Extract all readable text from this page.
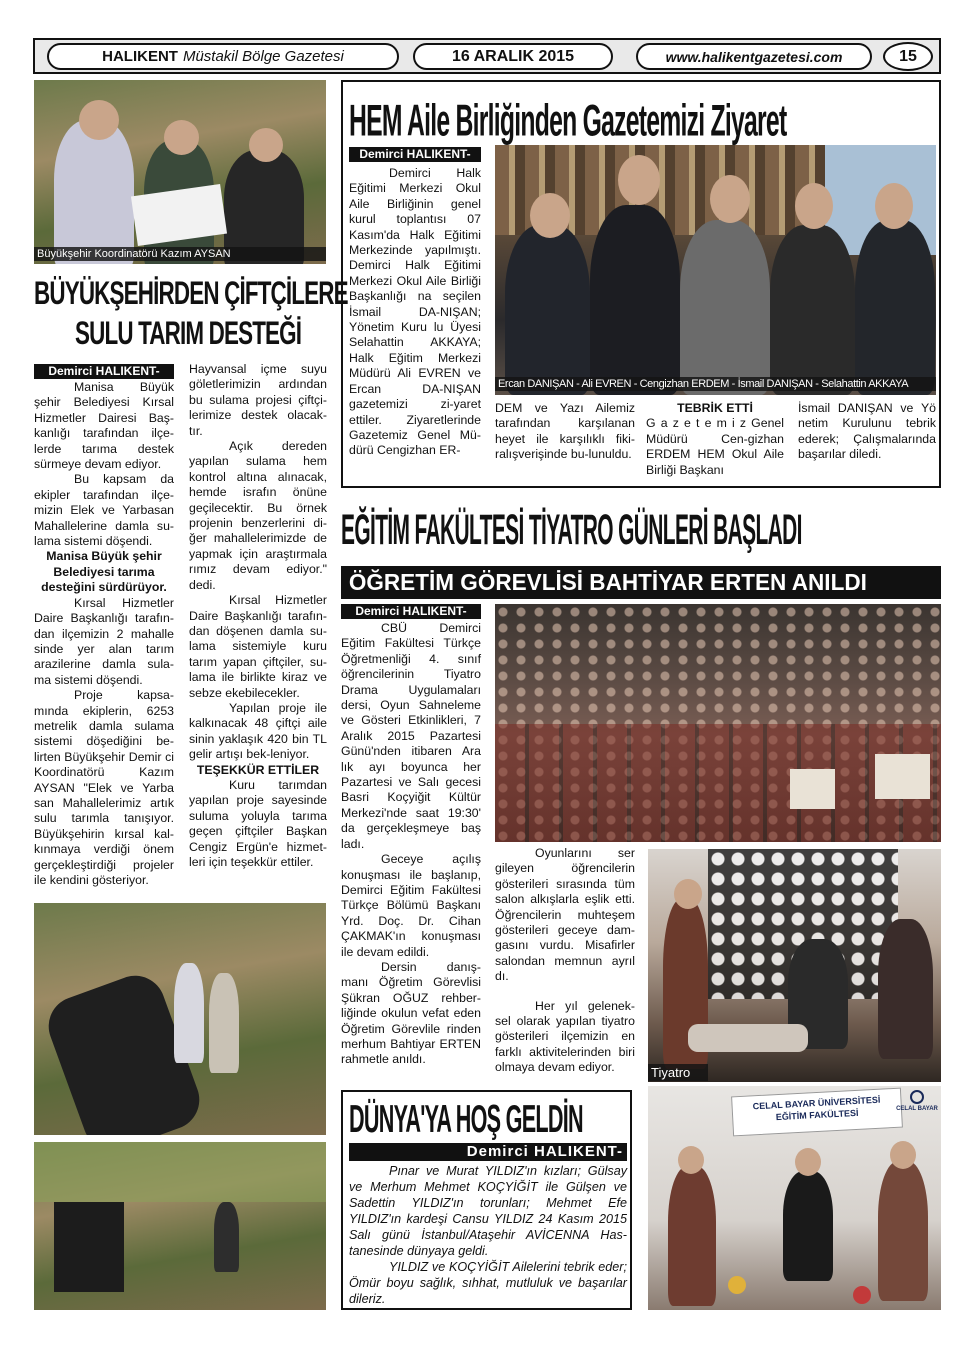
HALIKENT Müstakil Bölge Gazetesi	16 ARALIK 2015	www.halikentgazetesi.com	15
Büyükşehir Koordinatörü Kazım AYSAN
BÜYÜKŞEHİRDEN ÇİFTÇİLERE
SULU TARIM DESTEĞİ
Demirci HALIKENT-

Manisa Büyük şehir Belediyesi Kırsal Hizmetler Dairesi Baş-kanlığı tarafından ilçe-lerde tarıma destek sürmeye devam ediyor.

Bu kapsam da ekipler tarafından ilçe-mizin Elek ve Yarbasan Mahallelerine damla su-lama sistemi döşendi.

Manisa Büyük şehir Belediyesi tarıma desteğini sürdürüyor.

Kırsal Hizmetler Daire Başkanlığı tarafın-dan ilçemizin 2 mahalle sinde yer alan tarım arazilerine damla sula-ma sistemi döşendi.

Proje kapsa-mında ekiplerin, 6253 metrelik damla sulama sistemi döşediğini be-lirten Büyükşehir Demir ci Koordinatörü Kazım AYSAN "Elek ve Yarba san Mahallelerimiz artık sulu tarımla tanışıyor. Büyükşehirin kırsal kal-kınmaya verdiği önem gerçekleştirdiği projeler ile kendini gösteriyor.

Hayvansal içme suyu göletlerimizin ardından bu sulama projesi çiftçi-lerimize destek olacak-tır.

Açık dereden yapılan sulama hem kontrol altına alınacak, hemde israfın önüne geçilecektir. Bu örnek projenin benzerlerini di-ğer mahallelerimizde de yapmak için araştırmala rımız devam ediyor." dedi.

Kırsal Hizmetler Daire Başkanlığı tarafın-dan döşenen damla su-lama sistemiyle kuru tarım yapan çiftçiler, su-lama ile birlikte kiraz ve sebze ekebilecekler.

Yapılan proje ile kalkınacak 48 çiftçi aile sinin yaklaşık 420 bin TL gelir artışı bek-leniyor.

TEŞEKKÜR ETTİLER

Kuru tarımdan yapılan proje sayesinde suluma yoluyla tarıma geçen çiftçiler Başkan Cengiz Ergün'e hizmet-leri için teşekkür ettiler.

HEM Aile Birliğinden Gazetemizi Ziyaret
Demirci HALIKENT-

Demirci Halk Eğitimi Merkezi Okul Aile Birliğinin genel kurul toplantısı 07 Kasım'da Halk Eğitimi Merkezinde yapılmıştı. Demirci Halk Eğitimi Merkezi Okul Aile Birliği Başkanlığı na seçilen İsmail DA-NIŞAN; Yönetim Kuru lu Üyesi Selahattin AKKAYA; Halk Eğitim Merkezi Müdürü Ali EVREN ve Ercan DA-NIŞAN gazetemizi zi-yaret ettiler. Ziyaretlerinde Gazetemiz Genel Mü-dürü Cengizhan ER-

Ercan DANIŞAN - Ali EVREN - Cengizhan ERDEM - İsmail DANIŞAN - Selahattin AKKAYA

DEM ve Yazı Ailemiz tarafından karşılanan heyet ile karşılıklı fiki-ralışverişinde bu-lunuldu.

TEBRİK ETTİ

G a z e t e m i z Genel Müdürü Cen-gizhan ERDEM HEM Okul Aile Birliği Başkanı

İsmail DANIŞAN ve Yö netim Kurulunu tebrik ederek; Çalışmalarında başarılar diledi.

EĞİTİM FAKÜLTESİ TİYATRO GÜNLERİ BAŞLADI
ÖĞRETİM GÖREVLİSİ BAHTİYAR ERTEN ANILDI
Demirci HALIKENT-

CBÜ Demirci Eğitim Fakültesi Türkçe Öğretmenliği 4. sınıf öğrencilerinin Tiyatro Drama Uygulamaları dersi, Oyun Sahneleme ve Gösteri Etkinlikleri, 7 Aralık 2015 Pazartesi Günü'nden itibaren Ara lık ayı boyunca her Pazartesi ve Salı gecesi Basri Koçyiğit Kültür Merkezi'nde saat 19:30' da gerçekleşmeye baş ladı.

Geceye açılış konuşması ile başlanıp, Demirci Eğitim Fakültesi Türkçe Bölümü Başkanı Yrd. Doç. Dr. Cihan ÇAKMAK'ın konuşması ile devam edildi.

Dersin danış-manı Öğretim Görevlisi Şükran OĞUZ rehber-liğinde okulun vefat eden Öğretim Görevlile rinden merhum Bahtiyar ERTEN rahmetle anıldı.

Oyunlarını ser gileyen öğrencilerin gösterileri sırasında tüm salon alkışlarla eşlik etti. Öğrencilerin muhteşem gösterileri geceye dam-gasını vurdu. Misafirler salondan memnun ayrıl dı.

Her yıl gelenek-sel olarak yapılan tiyatro gösterileri ilçemizin en farklı aktivitelerinden biri olmaya devam ediyor.	Tiyatro
CELAL BAYAR ÜNİVERSİTESİ
EĞİTİM FAKÜLTESİ	CELAL BAYAR
DÜNYA'YA HOŞ GELDİN
Demirci HALIKENT-

Pınar ve Murat YILDIZ'ın kızları; Gülsay ve Merhum Mehmet KOÇYİĞİT ile Gülşen ve Sadettin YILDIZ'ın torunları; Mehmet Efe YILDIZ'ın kardeşi Cansu YILDIZ 24 Kasım 2015 Salı günü İstanbul/Ataşehir AVİCENNA Has-tanesinde dünyaya geldi.

YILDIZ ve KOÇYİĞİT Ailelerini tebrik eder; Ömür boyu sağlık, sıhhat, mutluluk ve başarılar dileriz.
